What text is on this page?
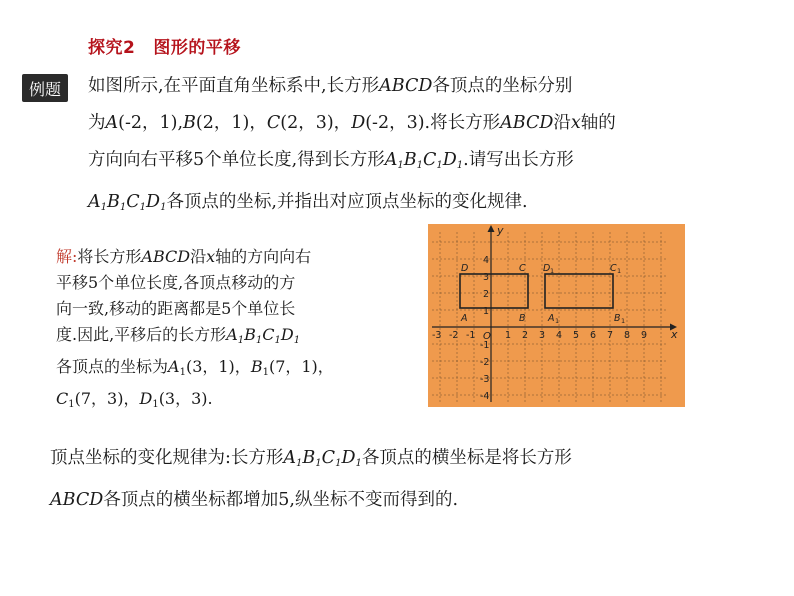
探究2 图形的平移
例题	如图所示,在平面直角坐标系中,长方形ABCD各顶点的坐标分别

为A(-2，1),B(2，1)，C(2，3)，D(-2，3).将长方形ABCD沿x轴的

方向向右平移5个单位长度,得到长方形$A_1B_1C_1D_1$.请写出长方形

$A_1B_1C_1D_1$各顶点的坐标,并指出对应顶点坐标的变化规律.

解:将长方形ABCD沿x轴的方向向右

平移5个单位长度,各顶点移动的方

向一致,移动的距离都是5个单位长

度.因此,平移后的长方形$A_1B_1C_1D_1$

各顶点的坐标为$A_1(3$，1)，$B_1(7$，1)，

$C_1(7$，3)，$D_1(3$，3).

x
y
O
-3 -2 -1	1 2 3 4 5 6 7 8 9
1
2
3
4
-1
-2
-3
-4
D	C
A	B
D 1	C 1
A 1	B 1

顶点坐标的变化规律为:长方形$A_1B_1C_1D_1$各顶点的横坐标是将长方形

ABCD各顶点的横坐标都增加5,纵坐标不变而得到的.
